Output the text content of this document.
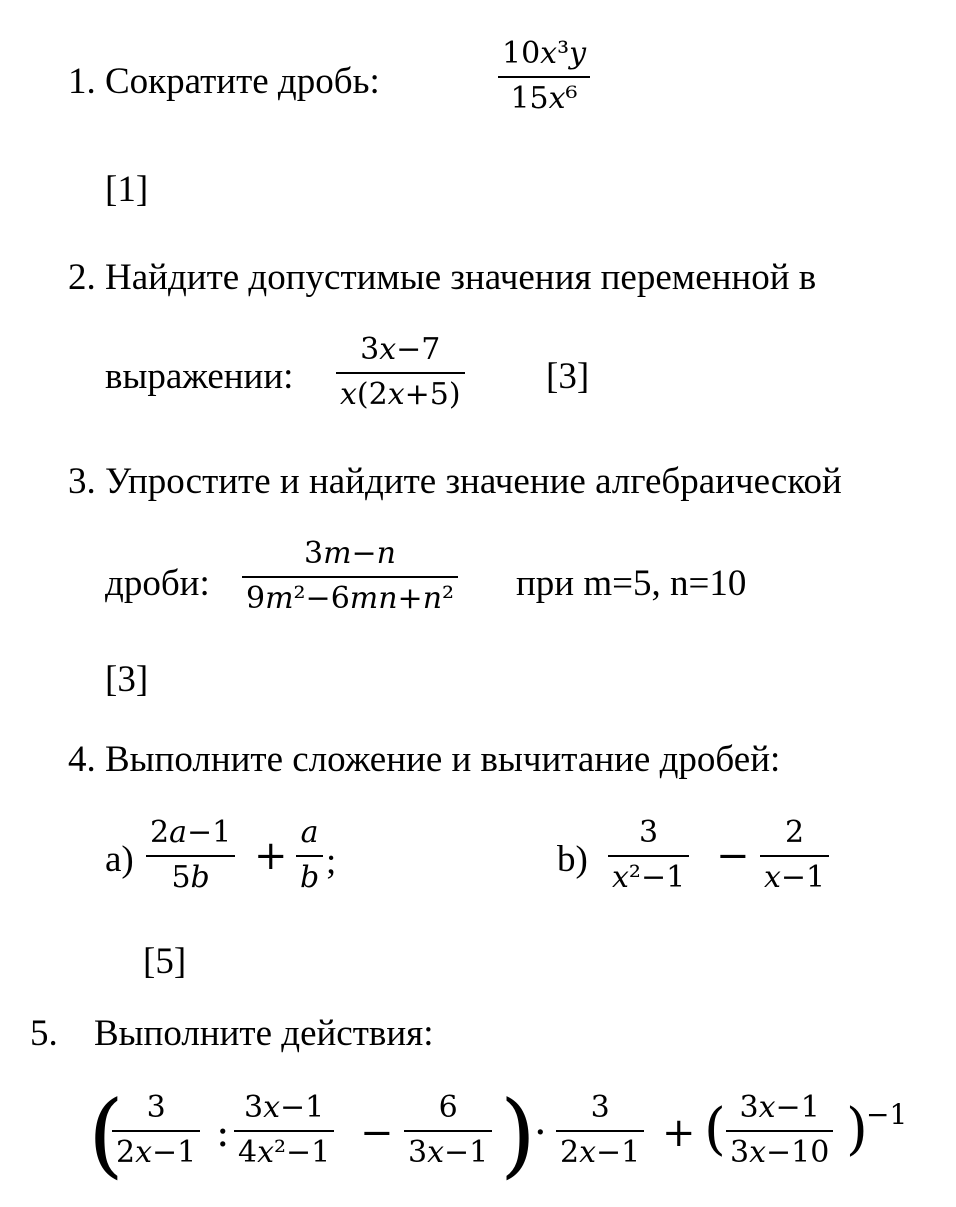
1. Сократите дробь:
10𝑥³𝑦
15𝑥⁶
[1]
2. Найдите допустимые значения переменной в
выражении:
3𝑥−7
𝑥(2𝑥+5) [3]
3. Упростите и найдите значение алгебраической
дроби:
3𝑚−𝑛
9𝑚²−6𝑚𝑛+𝑛² при m=5, n=10
[3]
4. Выполните сложение и вычитание дробей:
a)
2𝑎−1
5𝑏 +
𝑎
𝑏 ;	b)
3
𝑥²−1 −
2
𝑥−1
[5]
5. Выполните действия:
( 3
2𝑥−1 :
3𝑥−1
4𝑥²−1 −
6
3𝑥−1 )
·
3
2𝑥−1 + ( 3𝑥−1
3𝑥−10 )
−1
